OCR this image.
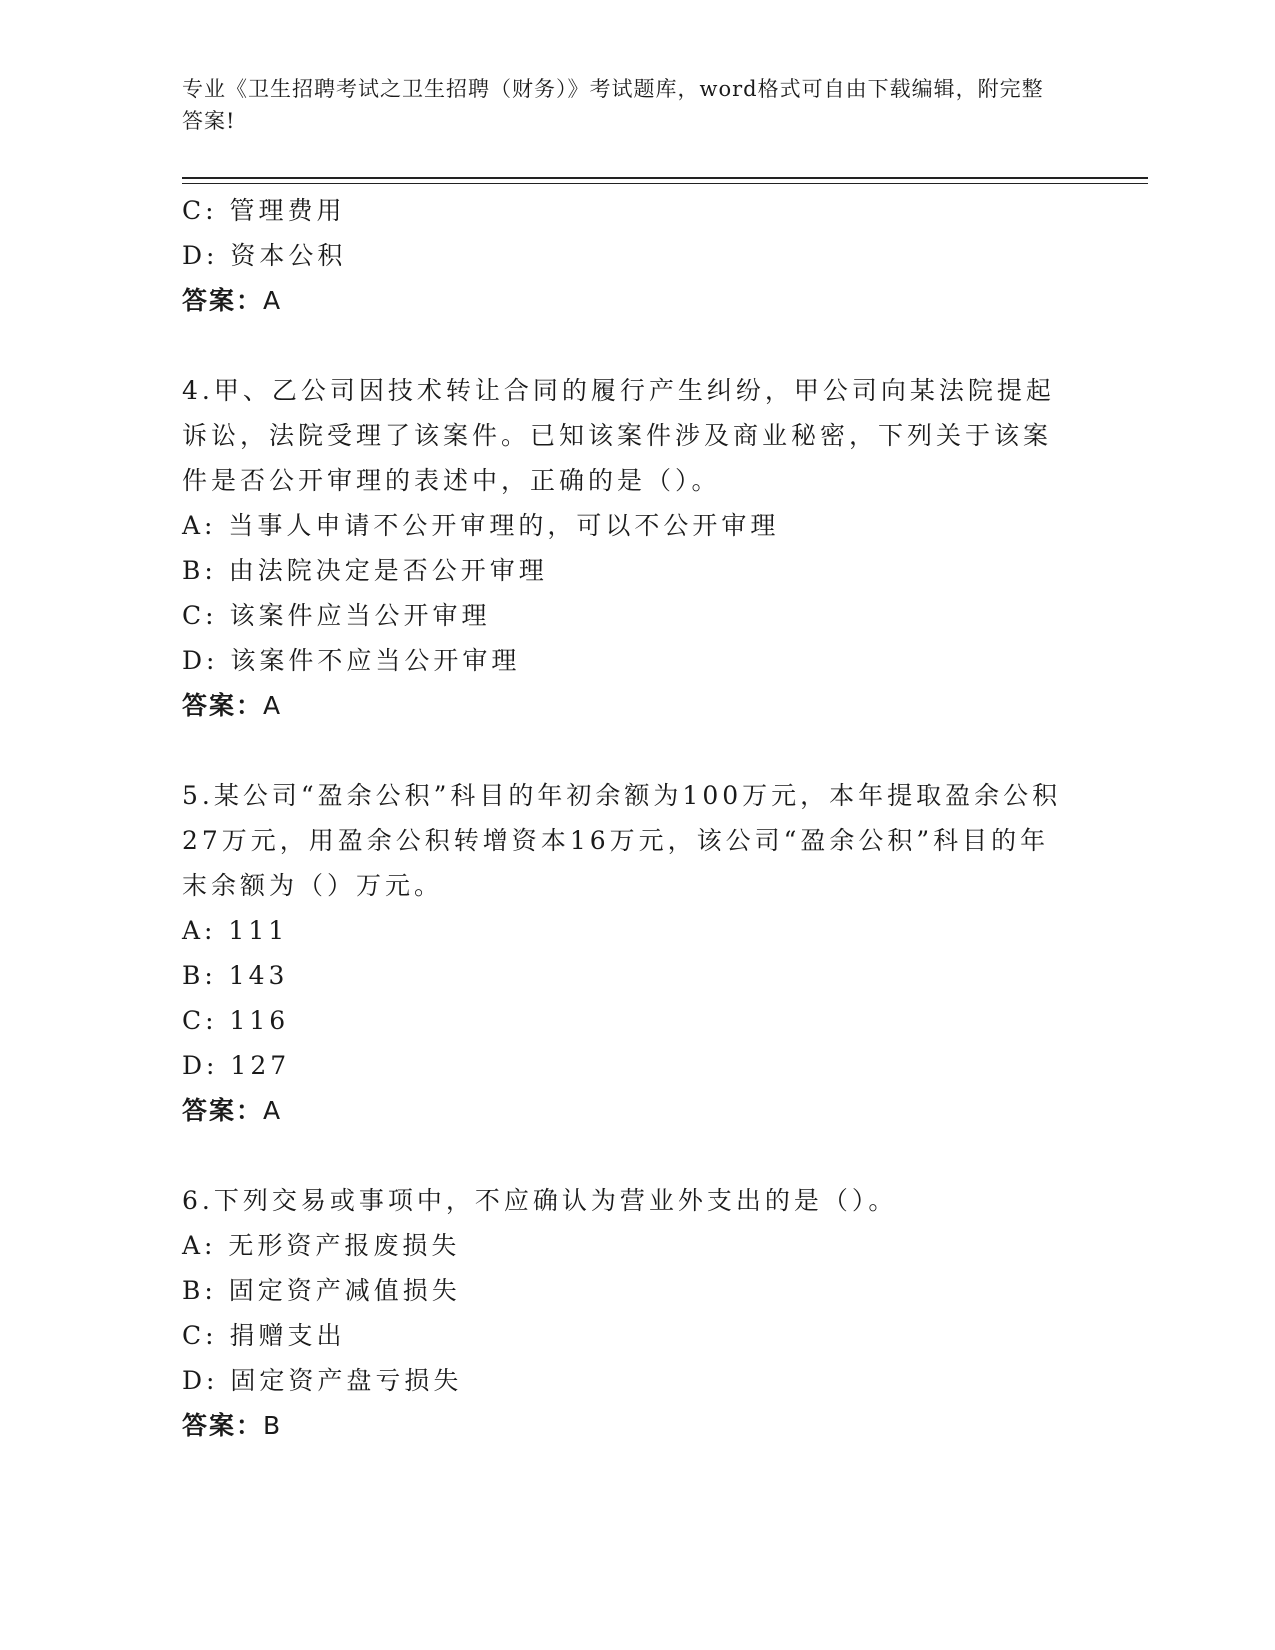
专业《卫生招聘考试之卫生招聘（财务）》考试题库，word格式可自由下载编辑，附完整答案!
C: 管理费用
D: 资本公积
答案：A
4.甲、乙公司因技术转让合同的履行产生纠纷，甲公司向某法院提起诉讼，法院受理了该案件。已知该案件涉及商业秘密，下列关于该案件是否公开审理的表述中，正确的是（）。
A: 当事人申请不公开审理的，可以不公开审理
B: 由法院决定是否公开审理
C: 该案件应当公开审理
D: 该案件不应当公开审理
答案：A
5.某公司“盈余公积”科目的年初余额为100万元，本年提取盈余公积27万元，用盈余公积转增资本16万元，该公司“盈余公积”科目的年末余额为（）万元。
A: 111
B: 143
C: 116
D: 127
答案：A
6.下列交易或事项中，不应确认为营业外支出的是（）。
A: 无形资产报废损失
B: 固定资产减值损失
C: 捐赠支出
D: 固定资产盘亏损失
答案：B
